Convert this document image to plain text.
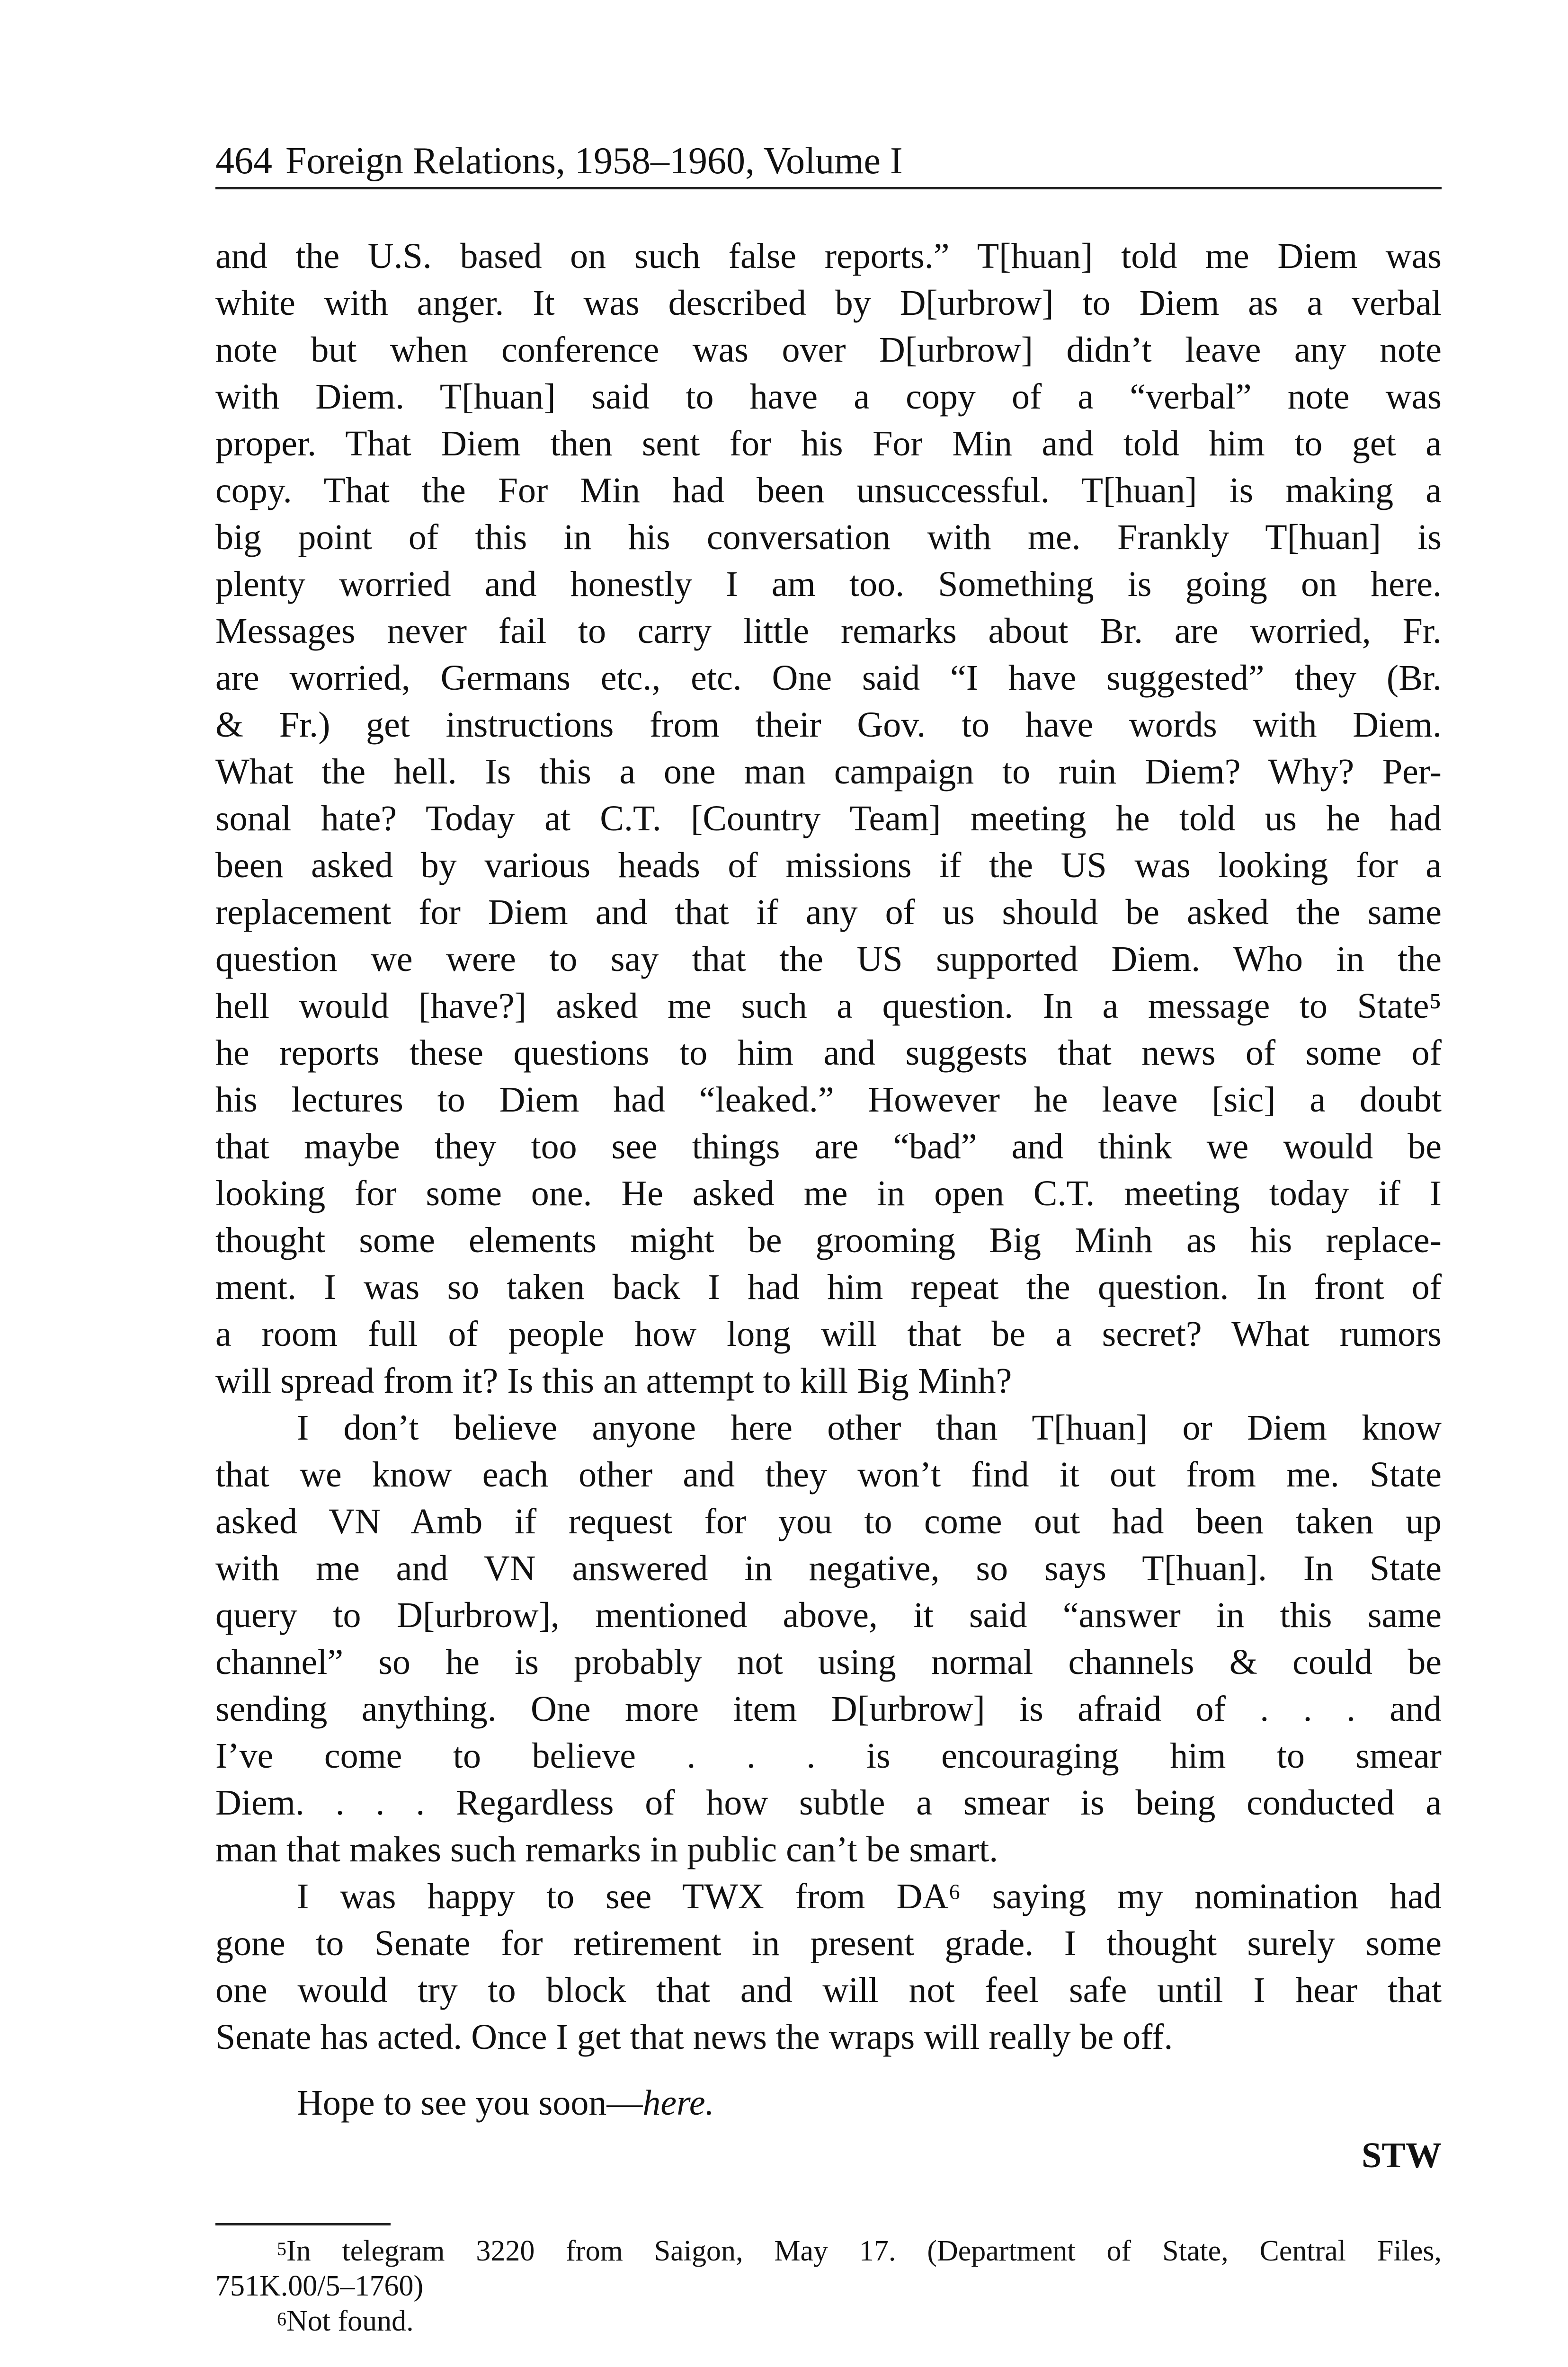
464 Foreign Relations, 1958–1960, Volume I
and the U.S. based on such false reports.” T[huan] told me Diem was
white with anger. It was described by D[urbrow] to Diem as a verbal
note but when conference was over D[urbrow] didn’t leave any note
with Diem. T[huan] said to have a copy of a “verbal” note was
proper. That Diem then sent for his For Min and told him to get a
copy. That the For Min had been unsuccessful. T[huan] is making a
big point of this in his conversation with me. Frankly T[huan] is
plenty worried and honestly I am too. Something is going on here.
Messages never fail to carry little remarks about Br. are worried, Fr.
are worried, Germans etc., etc. One said “I have suggested” they (Br.
& Fr.) get instructions from their Gov. to have words with Diem.
What the hell. Is this a one man campaign to ruin Diem? Why? Per-
sonal hate? Today at C.T. [Country Team] meeting he told us he had
been asked by various heads of missions if the US was looking for a
replacement for Diem and that if any of us should be asked the same
question we were to say that the US supported Diem. Who in the
hell would [have?] asked me such a question. In a message to State⁵
he reports these questions to him and suggests that news of some of
his lectures to Diem had “leaked.” However he leave [sic] a doubt
that maybe they too see things are “bad” and think we would be
looking for some one. He asked me in open C.T. meeting today if I
thought some elements might be grooming Big Minh as his replace-
ment. I was so taken back I had him repeat the question. In front of
a room full of people how long will that be a secret? What rumors
will spread from it? Is this an attempt to kill Big Minh?
I don’t believe anyone here other than T[huan] or Diem know
that we know each other and they won’t find it out from me. State
asked VN Amb if request for you to come out had been taken up
with me and VN answered in negative, so says T[huan]. In State
query to D[urbrow], mentioned above, it said “answer in this same
channel” so he is probably not using normal channels & could be
sending anything. One more item D[urbrow] is afraid of . . . and
I’ve come to believe . . . is encouraging him to smear
Diem. . . . Regardless of how subtle a smear is being conducted a
man that makes such remarks in public can’t be smart.
I was happy to see TWX from DA⁶ saying my nomination had
gone to Senate for retirement in present grade. I thought surely some
one would try to block that and will not feel safe until I hear that
Senate has acted. Once I get that news the wraps will really be off.
Hope to see you soon—here.
STW
$^5$In telegram 3220 from Saigon, May 17. (Department of State, Central Files,
751K.00/5–1760)
$^6$Not found.
